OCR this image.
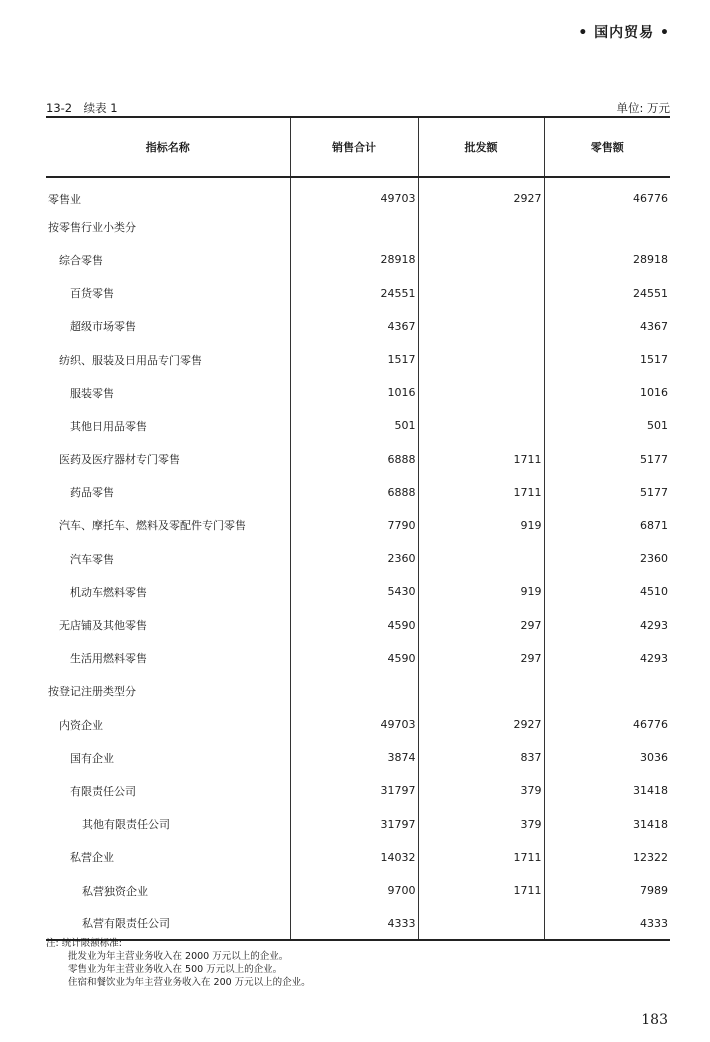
• 国内贸易 •
13-2　续表 1	单位: 万元
指标名称	销售合计	批发额	零售额
零售业	49703	2927	46776
按零售行业小类分			
综合零售	28918		28918
百货零售	24551		24551
超级市场零售	4367		4367
纺织、服装及日用品专门零售	1517		1517
服装零售	1016		1016
其他日用品零售	501		501
医药及医疗器材专门零售	6888	1711	5177
药品零售	6888	1711	5177
汽车、摩托车、燃料及零配件专门零售	7790	919	6871
汽车零售	2360		2360
机动车燃料零售	5430	919	4510
无店铺及其他零售	4590	297	4293
生活用燃料零售	4590	297	4293
按登记注册类型分			
内资企业	49703	2927	46776
国有企业	3874	837	3036
有限责任公司	31797	379	31418
其他有限责任公司	31797	379	31418
私营企业	14032	1711	12322
私营独资企业	9700	1711	7989
私营有限责任公司	4333		4333
注: 统计限额标准:
批发业为年主营业务收入在 2000 万元以上的企业。
零售业为年主营业务收入在 500 万元以上的企业。
住宿和餐饮业为年主营业务收入在 200 万元以上的企业。
183
